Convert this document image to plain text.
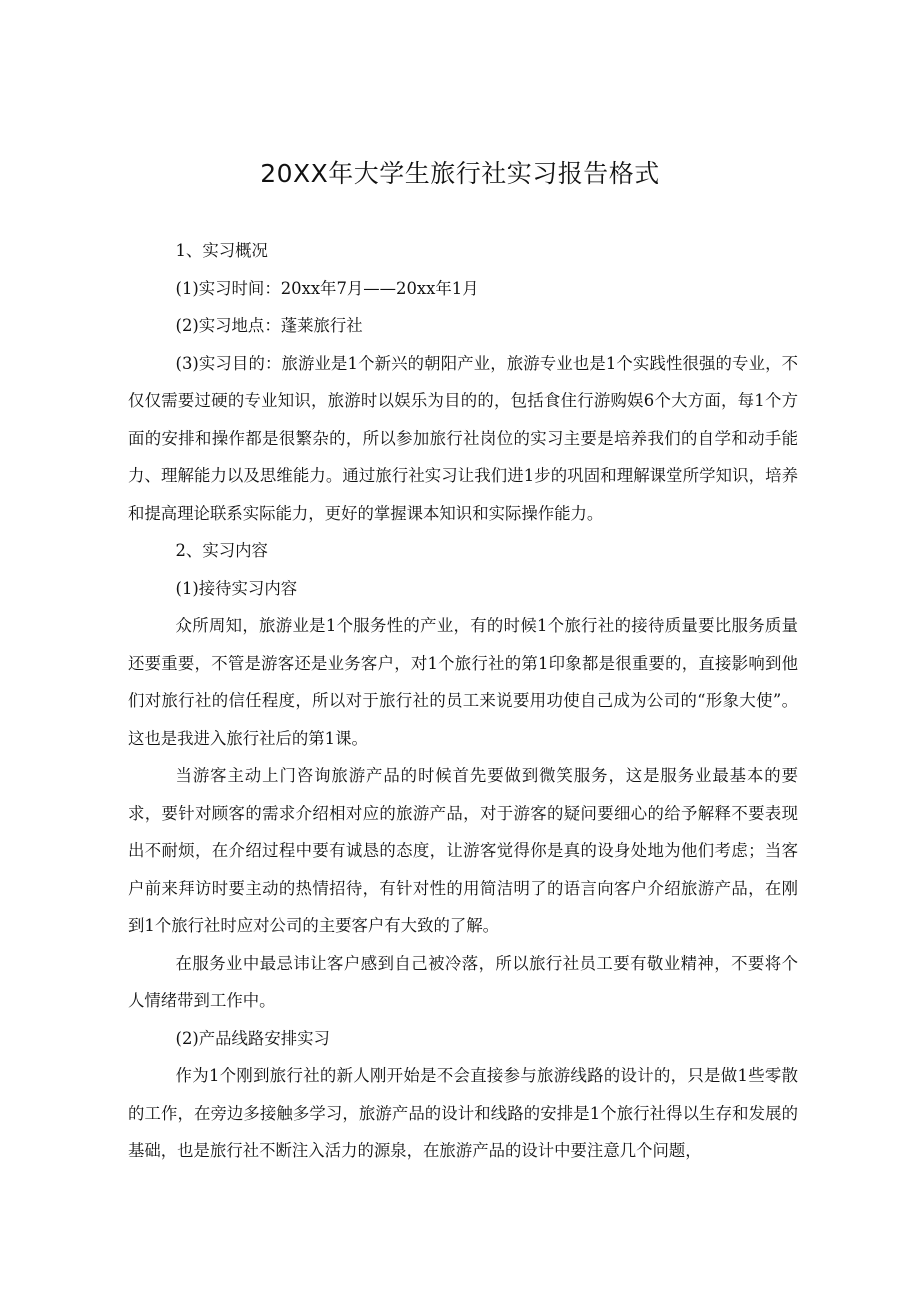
20XX年大学生旅行社实习报告格式

1、实习概况

(1)实习时间：20xx年7月——20xx年1月

(2)实习地点：蓬莱旅行社

(3)实习目的：旅游业是1个新兴的朝阳产业，旅游专业也是1个实践性很强的专业，不仅仅需要过硬的专业知识，旅游时以娱乐为目的的，包括食住行游购娱6个大方面，每1个方面的安排和操作都是很繁杂的，所以参加旅行社岗位的实习主要是培养我们的自学和动手能力、理解能力以及思维能力。通过旅行社实习让我们进1步的巩固和理解课堂所学知识，培养和提高理论联系实际能力，更好的掌握课本知识和实际操作能力。

2、实习内容

(1)接待实习内容

众所周知，旅游业是1个服务性的产业，有的时候1个旅行社的接待质量要比服务质量还要重要，不管是游客还是业务客户，对1个旅行社的第1印象都是很重要的，直接影响到他们对旅行社的信任程度，所以对于旅行社的员工来说要用功使自己成为公司的“形象大使”。这也是我进入旅行社后的第1课。

当游客主动上门咨询旅游产品的时候首先要做到微笑服务，这是服务业最基本的要求，要针对顾客的需求介绍相对应的旅游产品，对于游客的疑问要细心的给予解释不要表现出不耐烦，在介绍过程中要有诚恳的态度，让游客觉得你是真的设身处地为他们考虑；当客户前来拜访时要主动的热情招待，有针对性的用简洁明了的语言向客户介绍旅游产品，在刚到1个旅行社时应对公司的主要客户有大致的了解。

在服务业中最忌讳让客户感到自己被冷落，所以旅行社员工要有敬业精神，不要将个人情绪带到工作中。

(2)产品线路安排实习

作为1个刚到旅行社的新人刚开始是不会直接参与旅游线路的设计的，只是做1些零散的工作，在旁边多接触多学习，旅游产品的设计和线路的安排是1个旅行社得以生存和发展的基础，也是旅行社不断注入活力的源泉，在旅游产品的设计中要注意几个问题，
